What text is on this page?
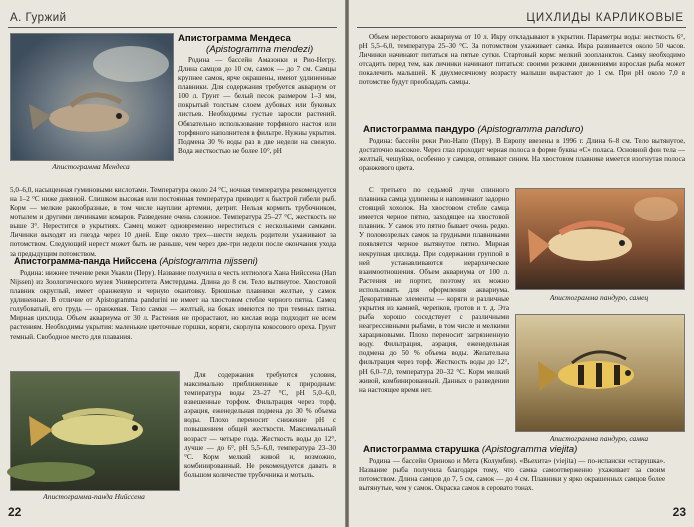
А. Гуржий
Апистограмма Мендеса
Апистограмма Мендеса
(Apistogramma mendezi)

Родина — бассейн Амазонки и Рио-Негру. Длина самцов до 10 см, самок — до 7 см. Самцы крупнее самок, ярче окрашены, имеют удлиненные плавники. Для содержания требуется аквариум от 100 л. Грунт — белый песок размером 1–3 мм, покрытый толстым слоем дубовых или буковых листьев. Необходимы густые заросли растений. Обязательно использование торфяного настоя или торфяного наполнителя в фильтре. Нужны укрытия. Подмена 30 % воды раз в две недели на свежую. Вода жесткостью не более 10°, pH

5,0–6,0, насыщенная гуминовыми кислотами. Температура около 24 °С, ночная температура рекомендуется на 1–2 °С ниже дневной. Слишком высокая или постоянная температура приводит к быстрой гибели рыб. Корм — мелкие ракообразные, в том числе науплии артемии, детрит. Нельзя кормить трубочником, мотылем и другими личинками комаров. Разведение очень сложное. Температура 25–27 °С, жесткость не выше 3°. Нерестится в укрытиях. Самец может одновременно нереститься с несколькими самками. Личинки выходят из гнезда через 10 дней. Еще около трех—шести недель родители ухаживают за потомством. Следующий нерест может быть не раньше, чем через две-три недели после окончания ухода за предыдущим потомством.

Апистограмма-панда Нийссена (Apistogramma nijsseni)

Родина: нижнее течение реки Укаяли (Перу). Название получила в честь ихтиолога Ханa Нийссена (Han Nijssen) из Зоологического музея Университета Амстердама. Длина до 8 см. Тело вытянутое. Хвостовой плавник округлый, имеет оранжевую и черную окантовку. Брюшные плавники желтые, у самок удлиненные. В отличие от Apistogramma pandurini не имеет на хвостовом стебле черного пятна. Самец голубоватый, его грудь — оранжевая. Тело самки — желтый, на боках имеются по три темных пятна. Мирная цихлида. Объем аквариума от 30 л. Растения не прорастают, но кислая вода подходит не всем растениям. Необходимы укрытия: маленькие цветочные горшки, коряги, скорлупа кокосового ореха. Грунт темный. Свободное место для плавания.

Апистограмма-панда Нийссена

Для содержания требуются условия, максимально приближенные к природным: температура воды 23–27 °С, pH 5,0–6,0, взвешенные торфом. Фильтрация через торф, аэрация, еженедельная подмена до 30 % объема воды. Плохо переносит снижение pH с повышением общей жесткости. Максимальный возраст — четыре года. Жесткость воды до 12°, лучше — до 6°, pH 5,5–6,0, температура 23–30 °С. Корм мелкий живой и, возможно, комбинированный. Не рекомендуется давать в большом количестве трубочника и мотыль.

22
ЦИХЛИДЫ КАРЛИКОВЫЕ

Объем нерестового аквариума от 10 л. Икру откладывают в укрытии. Параметры воды: жесткость 6°, pH 5,5–6,0, температура 25–30 °С. За потомством ухаживает самка. Икра развивается около 50 часов. Личинки начинают питаться на пятые сутки. Стартовый корм: мелкий зоопланктон. Самку необходимо отсадить перед тем, как личинки начинают питаться: своими резкими движениями взрослая рыба может покалечить малышей. К двухмесячному возрасту малыши вырастают до 1 см. При pH около 7,0 в потомстве будут преобладать самцы.

Апистограмма пандуро (Apistogramma panduro)

Родина: бассейн реки Рио-Напо (Перу). В Европу ввезены в 1996 г. Длина 6–8 см. Тело вытянутое, достаточно высокое. Через глаз проходит черная полоса в форме буквы «С» поласа. Основной фон тела — желтый, чешуйки, особенно у самцов, отливают синим. На хвостовом плавнике имеется изогнутая полоса оранжевого цвета.

С третьего по седьмой лучи спинного плавника самца удлинены и напоминают задорно стоящий хохолок. На хвостовом стебле самца имеется черное пятно, заходящее на хвостовой плавник. У самок это пятно бывает очень редко. У половозрелых самок за грудными плавниками появляется черное вытянутое пятно. Мирная некрупная цихлида. При содержании группой в ней устанавливаются иерархические взаимоотношения. Объем аквариума от 100 л. Растения не портит, поэтому их можно использовать для оформления аквариума. Декоративные элементы — коряги и различные укрытия из камней, черепков, гротов и т. д. Эта рыба хорошо соседствует с различными неагрессивными рыбами, в том числе и мелкими харациновыми. Плохо переносит загрязненную воду. Фильтрация, аэрация, еженедельная подмена до 50 % объема воды. Желательна фильтрация через торф. Жесткость воды до 12°, pH 6,0–7,0, температура 20–32 °С. Корм мелкий живой, комбинированный. Данных о разведении на настоящее время нет.

Апистограмма пандуро, самец
Апистограмма пандуро, самка
Апистограмма старушка (Apistogramma viejita)

Родина — бассейн Ориноко и Мета (Колумбия). «Вьехита» (viejita) — по-испански «старушка». Название рыба получила благодаря тому, что самка самоотверженно ухаживает за своим потомством. Длина самцов до 7, 5 см, самок — до 4 см. Плавники у ярко окрашенных самцов более вытянутые, чем у самок. Окраска самок в серовато тонах.

23
